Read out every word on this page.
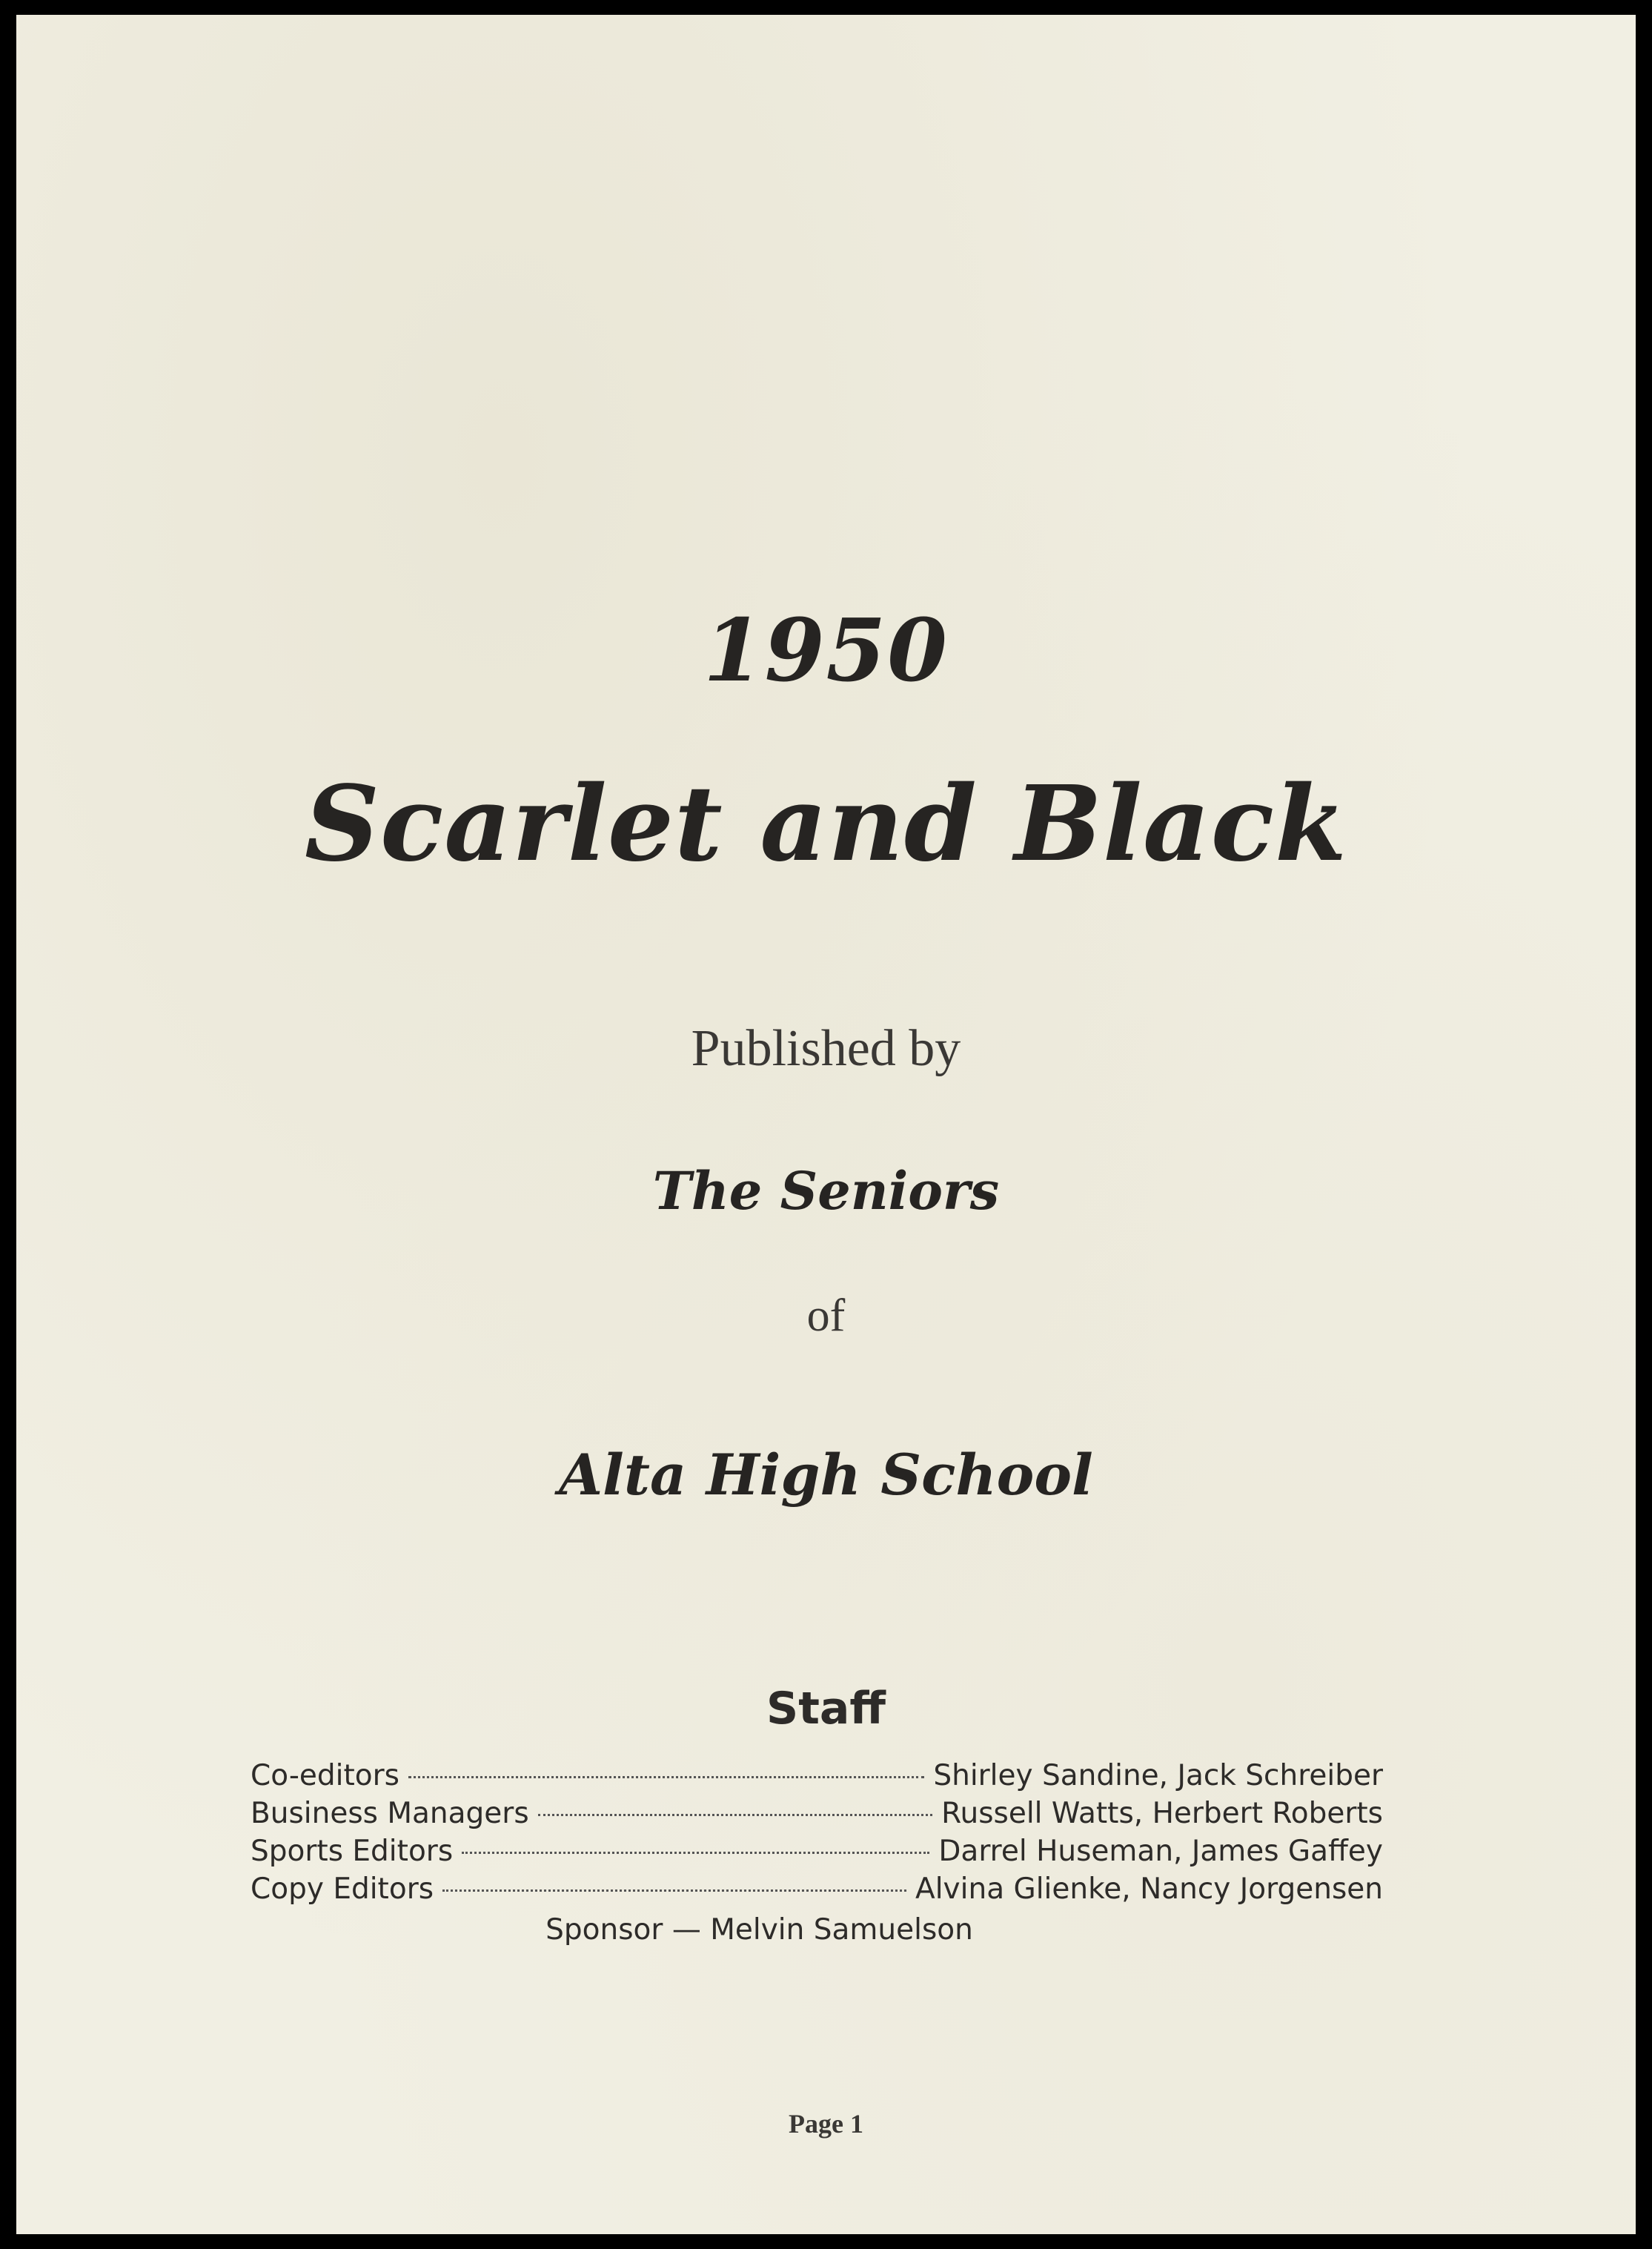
1950
Scarlet and Black
Published by
The Seniors
of
Alta High School
Staff
Co-editors	Shirley Sandine, Jack Schreiber
Business Managers	Russell Watts, Herbert Roberts
Sports Editors	Darrel Huseman, James Gaffey
Copy Editors	Alvina Glienke, Nancy Jorgensen
Sponsor — Melvin Samuelson
Page 1
